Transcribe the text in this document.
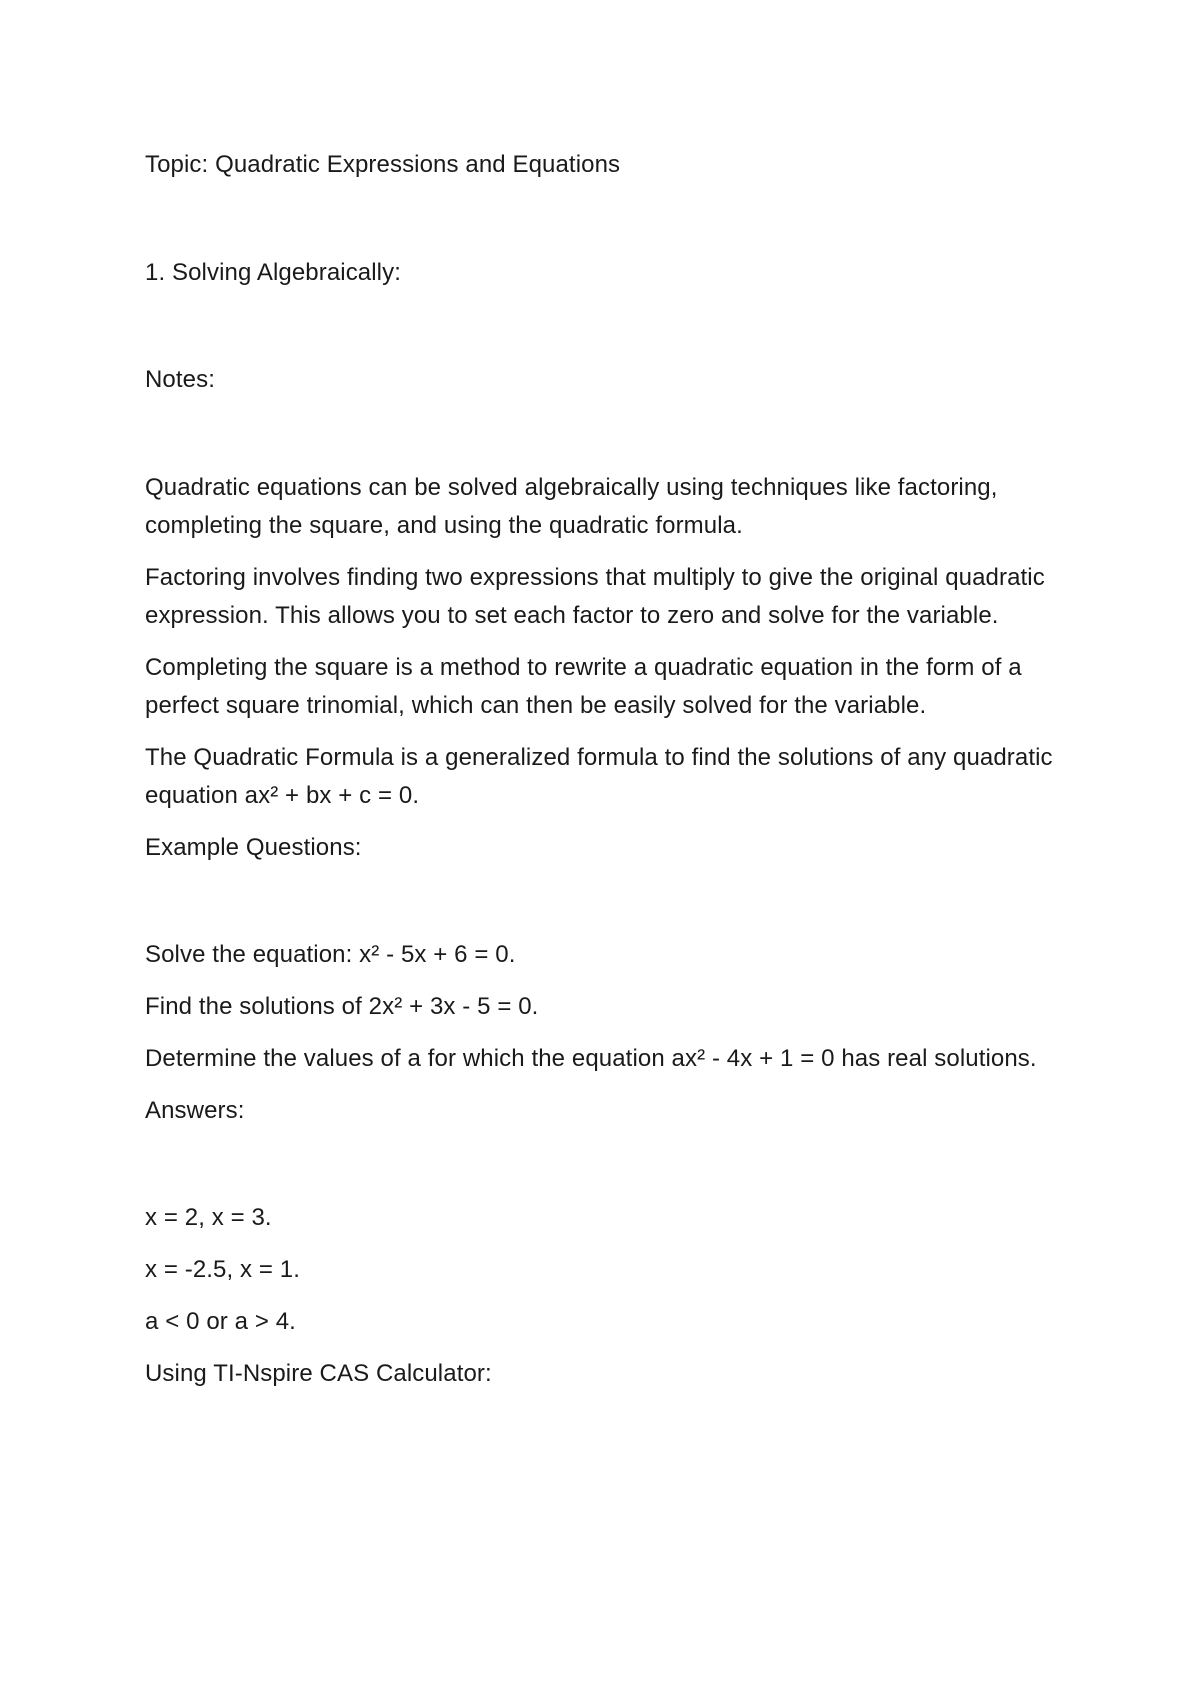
Topic: Quadratic Expressions and Equations

1. Solving Algebraically:

Notes:

Quadratic equations can be solved algebraically using techniques like factoring, completing the square, and using the quadratic formula.

Factoring involves finding two expressions that multiply to give the original quadratic expression. This allows you to set each factor to zero and solve for the variable.

Completing the square is a method to rewrite a quadratic equation in the form of a perfect square trinomial, which can then be easily solved for the variable.

The Quadratic Formula is a generalized formula to find the solutions of any quadratic equation ax² + bx + c = 0.

Example Questions:

Solve the equation: x² - 5x + 6 = 0.

Find the solutions of 2x² + 3x - 5 = 0.

Determine the values of a for which the equation ax² - 4x + 1 = 0 has real solutions.

Answers:

x = 2, x = 3.

x = -2.5, x = 1.

a < 0 or a > 4.

Using TI-Nspire CAS Calculator:
